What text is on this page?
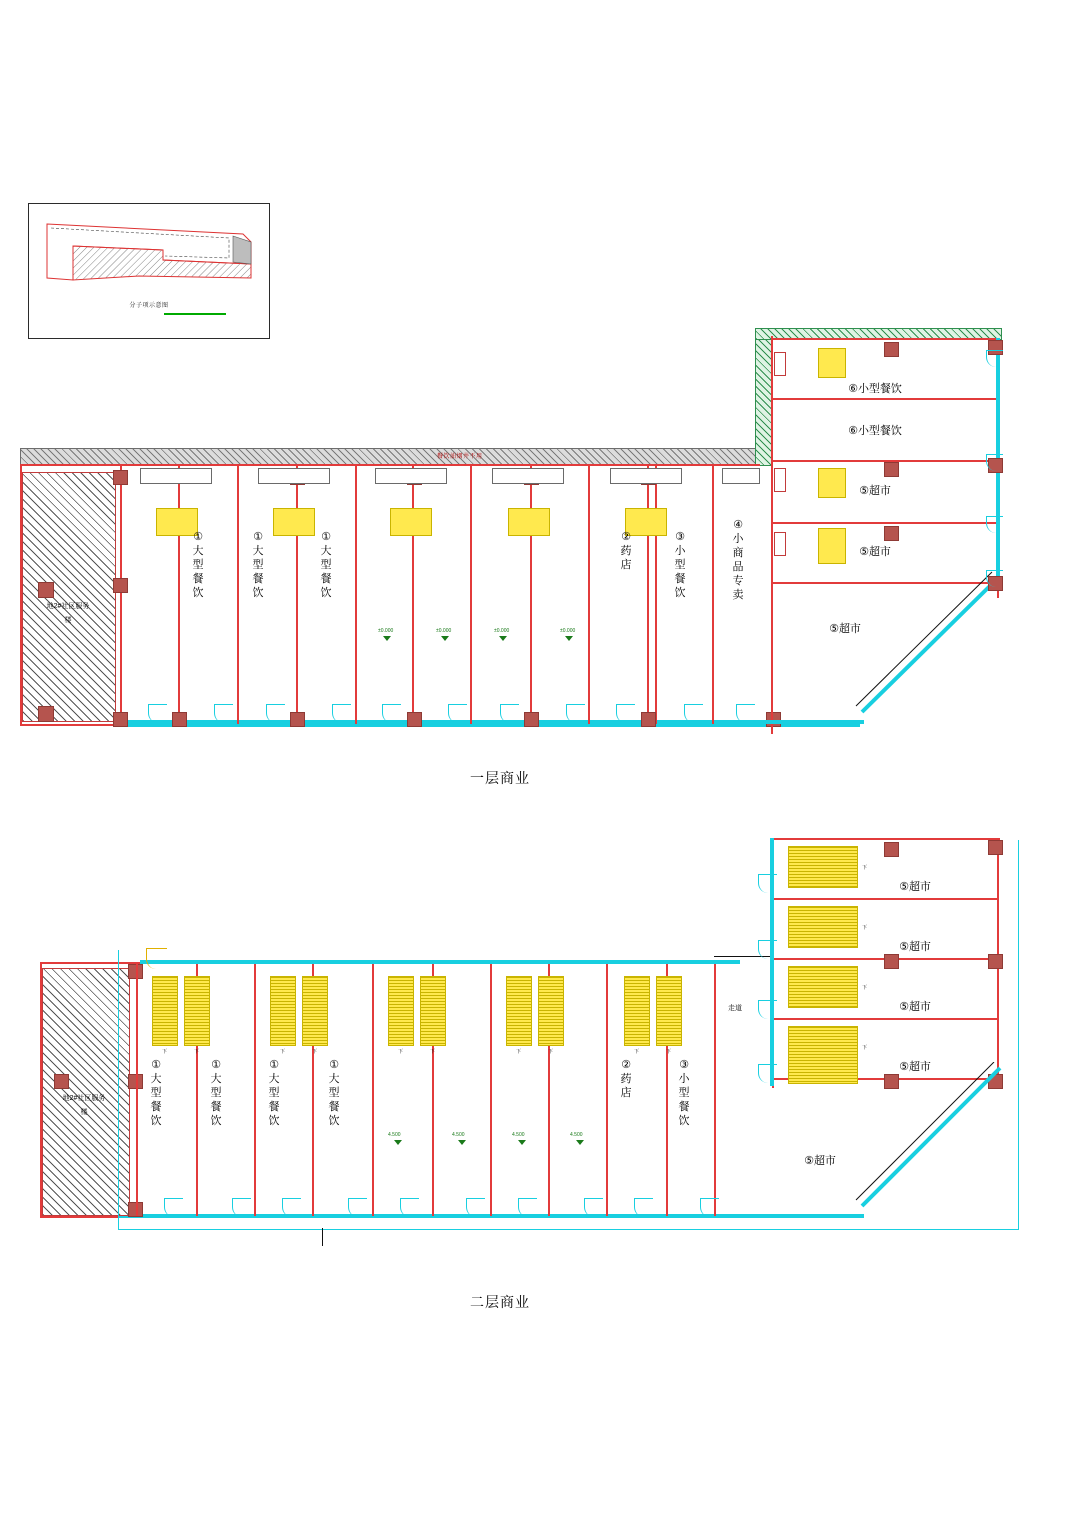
分子项示意图
餐饮油烟井不用
地2#社区服务楼
①
大
型
餐
饮
①
大
型
餐
饮
①
大
型
餐
饮
②
药
店
③
小
型
餐
饮
④
小
商
品
专
卖
±0.000	±0.000	±0.000	±0.000

⑥小型餐饮

⑥小型餐饮

⑤超市

⑤超市

⑤超市

一层商业
地2#社区服务楼
下	下	下	下	下	下	下	下	下	下
①大
型
餐
饮
①大
型
餐
饮
①大
型
餐
饮
①大
型
餐
饮
②
药
店
③
小
型
餐
饮
4.500	4.500	4.500	4.500
走道
下
下
下
下

⑤超市

⑤超市

⑤超市

⑤超市

⑤超市

二层商业
